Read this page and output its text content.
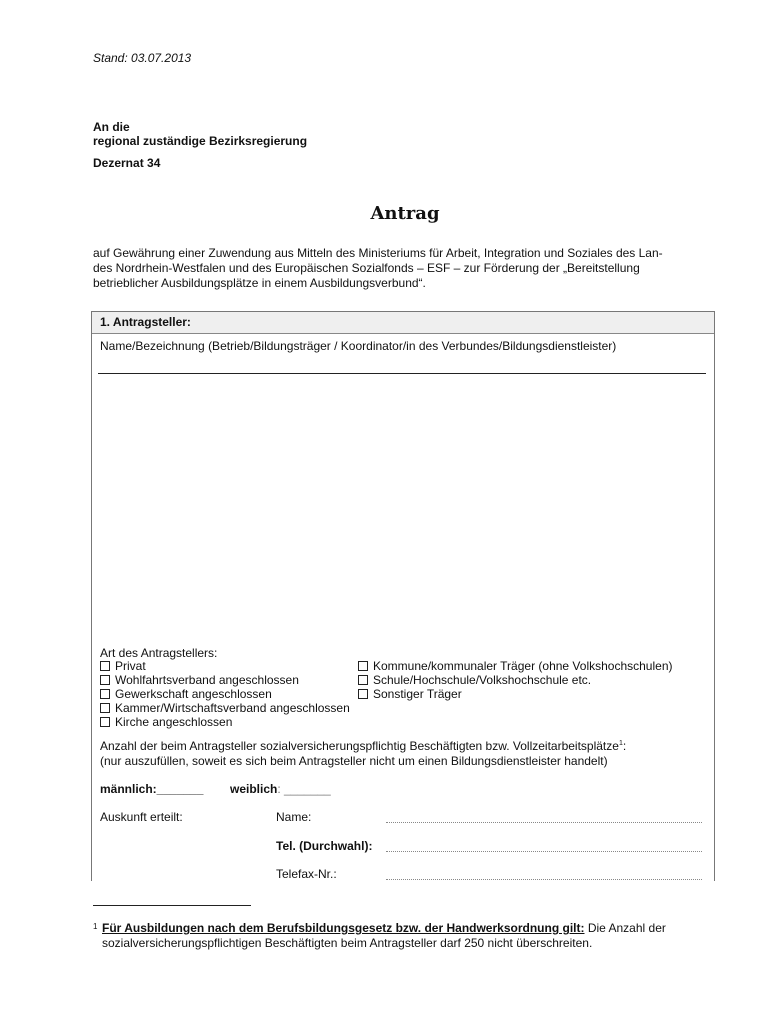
Stand: 03.07.2013
An die
regional zuständige Bezirksregierung
Dezernat 34
Antrag
auf Gewährung einer Zuwendung aus Mitteln des Ministeriums für Arbeit, Integration und Soziales des Lan-
des Nordrhein-Westfalen und des Europäischen Sozialfonds – ESF – zur Förderung der „Bereitstellung
betrieblicher Ausbildungsplätze in einem Ausbildungsverbund“.
1. Antragsteller:
Name/Bezeichnung (Betrieb/Bildungsträger / Koordinator/in des Verbundes/Bildungsdienstleister)
Art des Antragstellers:
Privat
Wohlfahrtsverband angeschlossen
Gewerkschaft angeschlossen
Kammer/Wirtschaftsverband angeschlossen
Kirche angeschlossen
Kommune/kommunaler Träger (ohne Volkshochschulen)
Schule/Hochschule/Volkshochschule etc.
Sonstiger Träger
Anzahl der beim Antragsteller sozialversicherungspflichtig Beschäftigten bzw. Vollzeitarbeitsplätze$^1$:
(nur auszufüllen, soweit es sich beim Antragsteller nicht um einen Bildungsdienstleister handelt)
männlich:_______ weiblich: _______
Auskunft erteilt:	Name:
Tel. (Durchwahl):
Telefax-Nr.:
1 Für Ausbildungen nach dem Berufsbildungsgesetz bzw. der Handwerksordnung gilt: Die Anzahl der
sozialversicherungspflichtigen Beschäftigten beim Antragsteller darf 250 nicht überschreiten.
